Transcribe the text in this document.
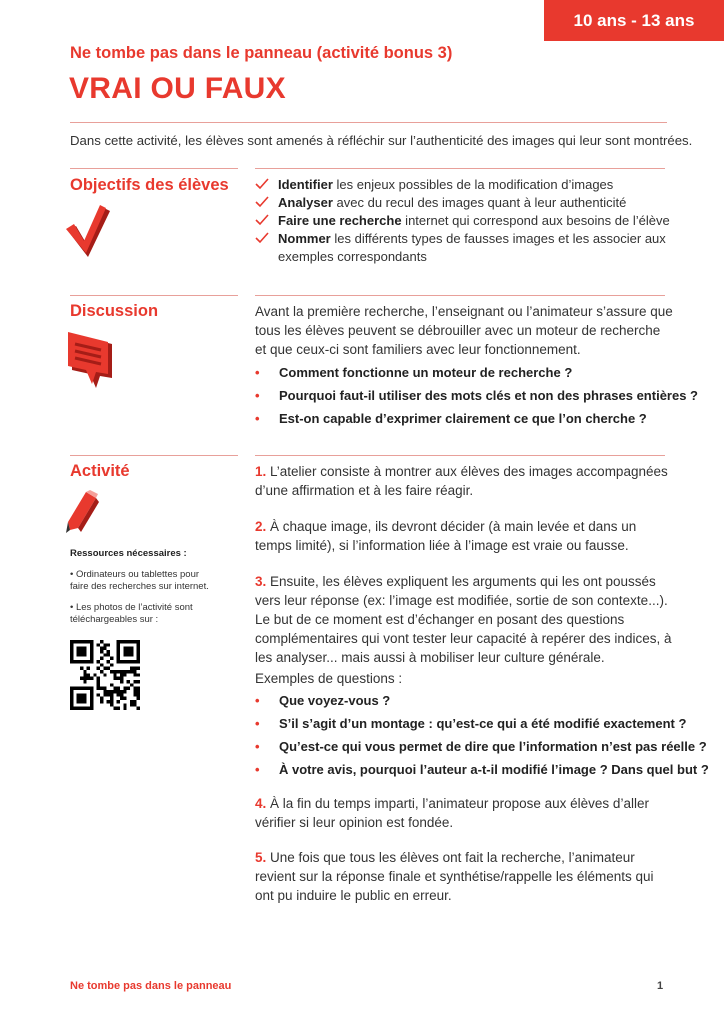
10 ans - 13 ans
Ne tombe pas dans le panneau (activité bonus 3)
VRAI OU FAUX
Dans cette activité, les élèves sont amenés à réfléchir sur l’authenticité des images qui leur sont montrées.
Objectifs des élèves	Identifier les enjeux possibles de la modification d’images
Analyser avec du recul des images quant à leur authenticité
Faire une recherche internet qui correspond aux besoins de l’élève
Nommer les différents types de fausses images et les associer aux exemples correspondants
Discussion	Avant la première recherche, l’enseignant ou l’animateur s’assure que tous les élèves peuvent se débrouiller avec un moteur de recherche et que ceux-ci sont familiers avec leur fonctionnement.
• Comment fonctionne un moteur de recherche ?
• Pourquoi faut-il utiliser des mots clés et non des phrases entières ?
• Est-on capable d’exprimer clairement ce que l’on cherche ?
Activité
Ressources nécessaires :
• Ordinateurs ou tablettes pour faire des recherches sur internet.
• Les photos de l’activité sont téléchargeables sur :
1. L’atelier consiste à montrer aux élèves des images accompagnées d’une affirmation et à les faire réagir.
2. À chaque image, ils devront décider (à main levée et dans un temps limité), si l’information liée à l’image est vraie ou fausse.
3. Ensuite, les élèves expliquent les arguments qui les ont poussés vers leur réponse (ex: l’image est modifiée, sortie de son contexte...). Le but de ce moment est d’échanger en posant des questions complémentaires qui vont tester leur capacité à repérer des indices, à les analyser... mais aussi à mobiliser leur culture générale.
Exemples de questions :
• Que voyez-vous ?
• S’il s’agit d’un montage : qu’est-ce qui a été modifié exactement ?
• Qu’est-ce qui vous permet de dire que l’information n’est pas réelle ?
• À votre avis, pourquoi l’auteur a-t-il modifié l’image ? Dans quel but ?
4. À la fin du temps imparti, l’animateur propose aux élèves d’aller vérifier si leur opinion est fondée.
5. Une fois que tous les élèves ont fait la recherche, l’animateur revient sur la réponse finale et synthétise/rappelle les éléments qui ont pu induire le public en erreur.
Ne tombe pas dans le panneau	1
